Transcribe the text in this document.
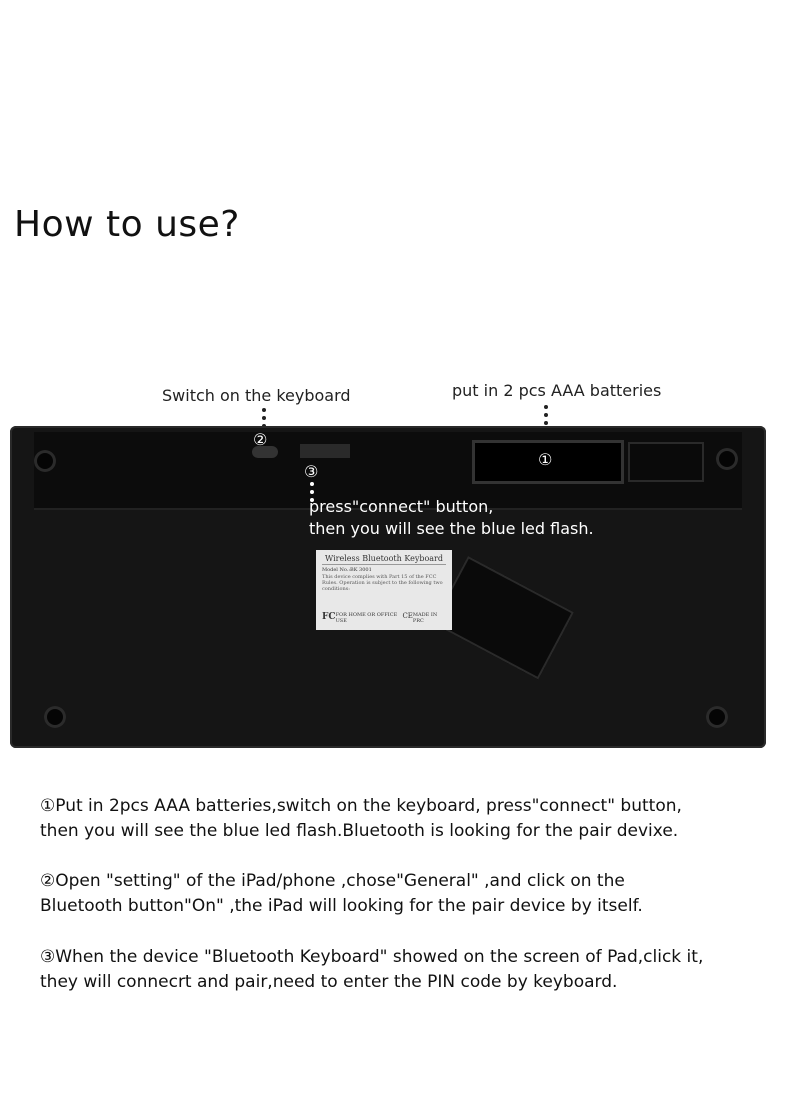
How to use?
Switch on the keyboard	put in 2 pcs AAA batteries
①
②
③
press"connect" button,
then you will see the blue led flash.
Wireless Bluetooth Keyboard
Model No.:BK 3001
This device complies with Part 15 of the FCC Rules. Operation is subject to the following two conditions:
FC FOR HOME OR OFFICE USE
CE MADE IN PRC
①Put in 2pcs AAA batteries,switch on the keyboard, press"connect" button,
then you will see the blue led flash.Bluetooth is looking for the pair devixe.
②Open "setting" of the iPad/phone ,chose"General" ,and click on the
Bluetooth button"On" ,the iPad will looking for the pair device by itself.
③When the device "Bluetooth Keyboard" showed on the screen of Pad,click it,
they will connecrt and pair,need to enter the PIN code by keyboard.
